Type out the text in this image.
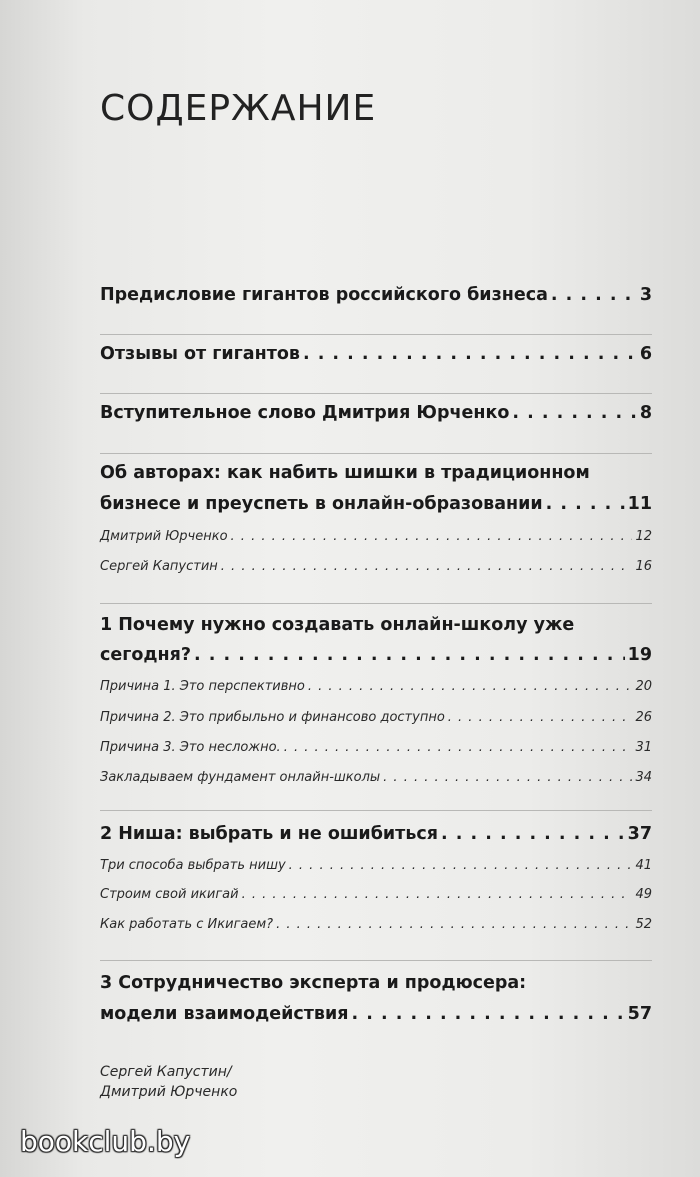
СОДЕРЖАНИЕ
Предисловие гигантов российского бизнеса . . .	3
Отзывы от гигантов . . .	6
Вступительное слово Дмитрия Юрченко . . .	8
Об авторах: как набить шишки в традиционном
бизнесе и преуспеть в онлайн-образовании . . .	11
Дмитрий Юрченко . . .	12
Сергей Капустин . . .	16
1 Почему нужно создавать онлайн-школу уже
сегодня? . . .	19
Причина 1. Это перспективно . . .	20
Причина 2. Это прибыльно и финансово доступно . . .	26
Причина 3. Это несложно. . . .	31
Закладываем фундамент онлайн-школы . . .	34
2 Ниша: выбрать и не ошибиться . . .	37
Три способа выбрать нишу . . .	41
Строим свой икигай . . .	49
Как работать с Икигаем? . . .	52
3 Сотрудничество эксперта и продюсера:
модели взаимодействия . . .	57
Сергей Капустин/
Дмитрий Юрченко
bookclub.by
